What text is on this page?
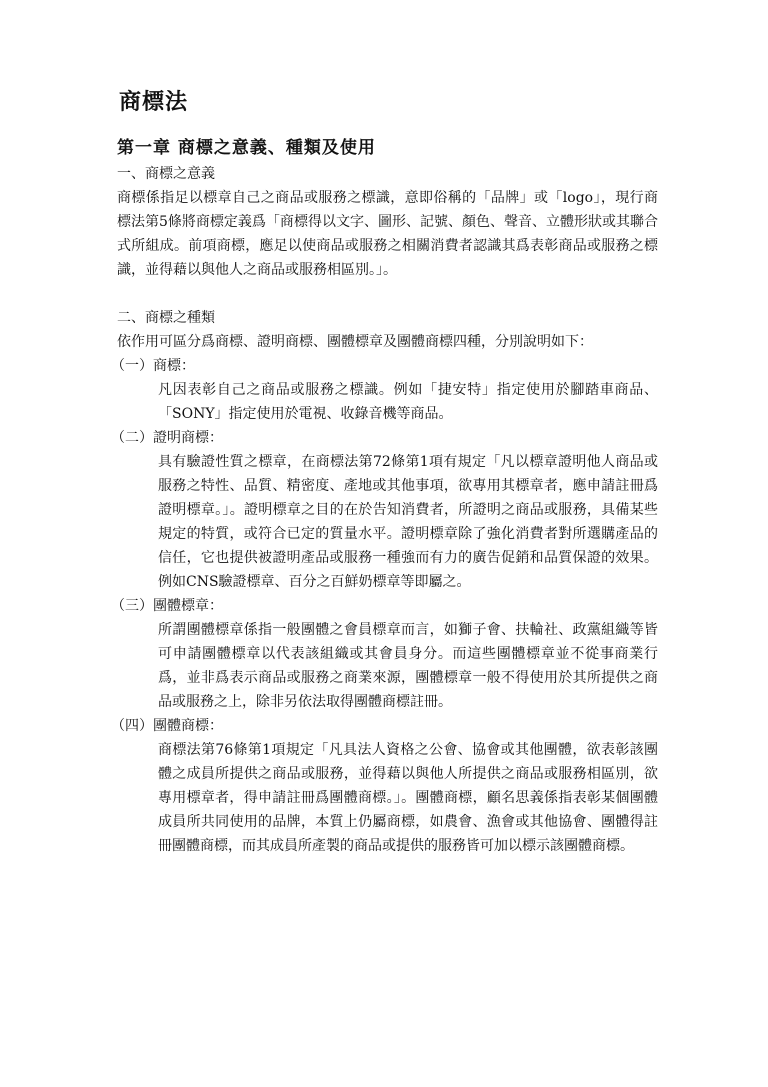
商標法
第一章 商標之意義、種類及使用

一、商標之意義

商標係指足以標章自己之商品或服務之標識，意即俗稱的「品牌」或「logo」，現行商標法第5條將商標定義爲「商標得以文字、圖形、記號、顏色、聲音、立體形狀或其聯合式所組成。前項商標，應足以使商品或服務之相關消費者認識其爲表彰商品或服務之標識，並得藉以與他人之商品或服務相區別。」。

二、商標之種類

依作用可區分爲商標、證明商標、團體標章及團體商標四種，分別說明如下：

（一）商標：

凡因表彰自己之商品或服務之標識。例如「捷安特」指定使用於腳踏車商品、「SONY」指定使用於電視、收錄音機等商品。

（二）證明商標：

具有驗證性質之標章，在商標法第72條第1項有規定「凡以標章證明他人商品或服務之特性、品質、精密度、產地或其他事項，欲專用其標章者，應申請註冊爲證明標章。」。證明標章之目的在於告知消費者，所證明之商品或服務，具備某些規定的特質，或符合已定的質量水平。證明標章除了強化消費者對所選購產品的信任，它也提供被證明產品或服務一種強而有力的廣告促銷和品質保證的效果。例如CNS驗證標章、百分之百鮮奶標章等即屬之。

（三）團體標章：

所謂團體標章係指一般團體之會員標章而言，如獅子會、扶輪社、政黨組織等皆可申請團體標章以代表該組織或其會員身分。而這些團體標章並不從事商業行爲，並非爲表示商品或服務之商業來源，團體標章一般不得使用於其所提供之商品或服務之上，除非另依法取得團體商標註冊。

（四）團體商標：

商標法第76條第1項規定「凡具法人資格之公會、協會或其他團體，欲表彰該團體之成員所提供之商品或服務，並得藉以與他人所提供之商品或服務相區別，欲專用標章者，得申請註冊爲團體商標。」。團體商標，顧名思義係指表彰某個團體成員所共同使用的品牌，本質上仍屬商標，如農會、漁會或其他協會、團體得註冊團體商標，而其成員所產製的商品或提供的服務皆可加以標示該團體商標。
